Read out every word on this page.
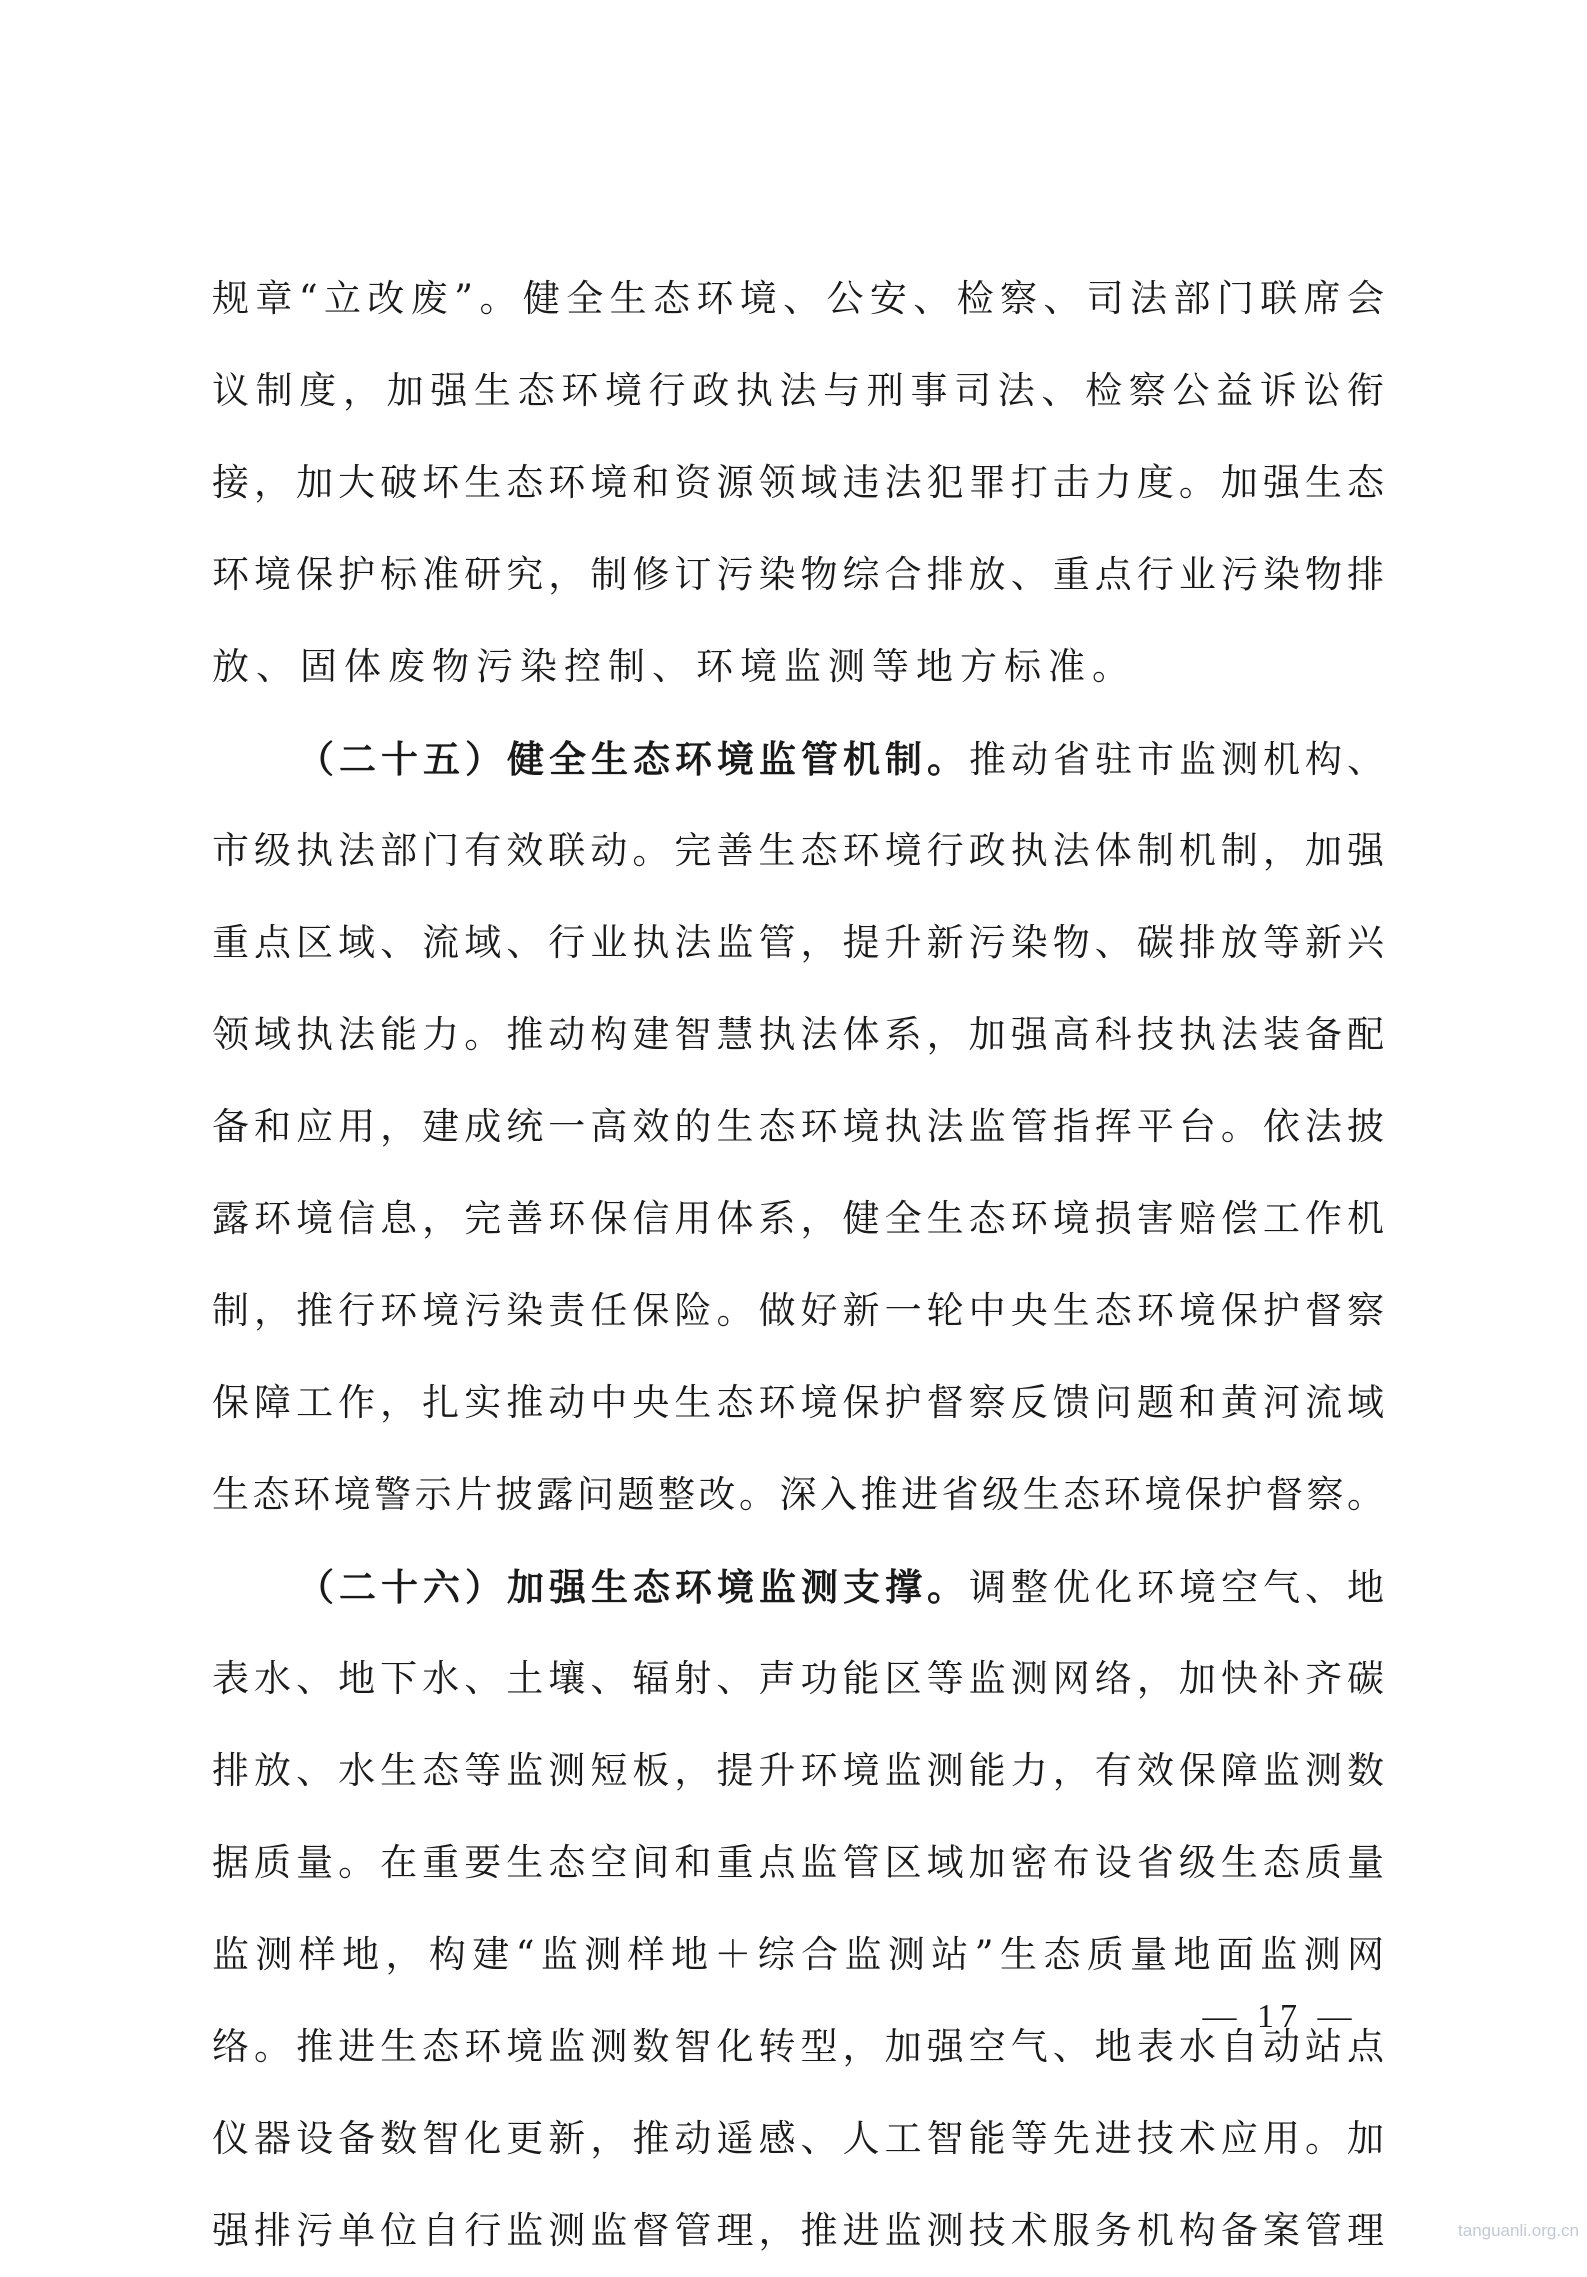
规章“立改废”。健全生态环境、公安、检察、司法部门联席会
议制度，加强生态环境行政执法与刑事司法、检察公益诉讼衔
接，加大破坏生态环境和资源领域违法犯罪打击力度。加强生态
环境保护标准研究，制修订污染物综合排放、重点行业污染物排
放、固体废物污染控制、环境监测等地方标准。
（二十五）健全生态环境监管机制。推动省驻市监测机构、
市级执法部门有效联动。完善生态环境行政执法体制机制，加强
重点区域、流域、行业执法监管，提升新污染物、碳排放等新兴
领域执法能力。推动构建智慧执法体系，加强高科技执法装备配
备和应用，建成统一高效的生态环境执法监管指挥平台。依法披
露环境信息，完善环保信用体系，健全生态环境损害赔偿工作机
制，推行环境污染责任保险。做好新一轮中央生态环境保护督察
保障工作，扎实推动中央生态环境保护督察反馈问题和黄河流域
生态环境警示片披露问题整改。深入推进省级生态环境保护督察。
（二十六）加强生态环境监测支撑。调整优化环境空气、地
表水、地下水、土壤、辐射、声功能区等监测网络，加快补齐碳
排放、水生态等监测短板，提升环境监测能力，有效保障监测数
据质量。在重要生态空间和重点监管区域加密布设省级生态质量
监测样地，构建“监测样地＋综合监测站”生态质量地面监测网
络。推进生态环境监测数智化转型，加强空气、地表水自动站点
仪器设备数智化更新，推动遥感、人工智能等先进技术应用。加
强排污单位自行监测监督管理，推进监测技术服务机构备案管理
— 17 —
tanguanli.org.cn
